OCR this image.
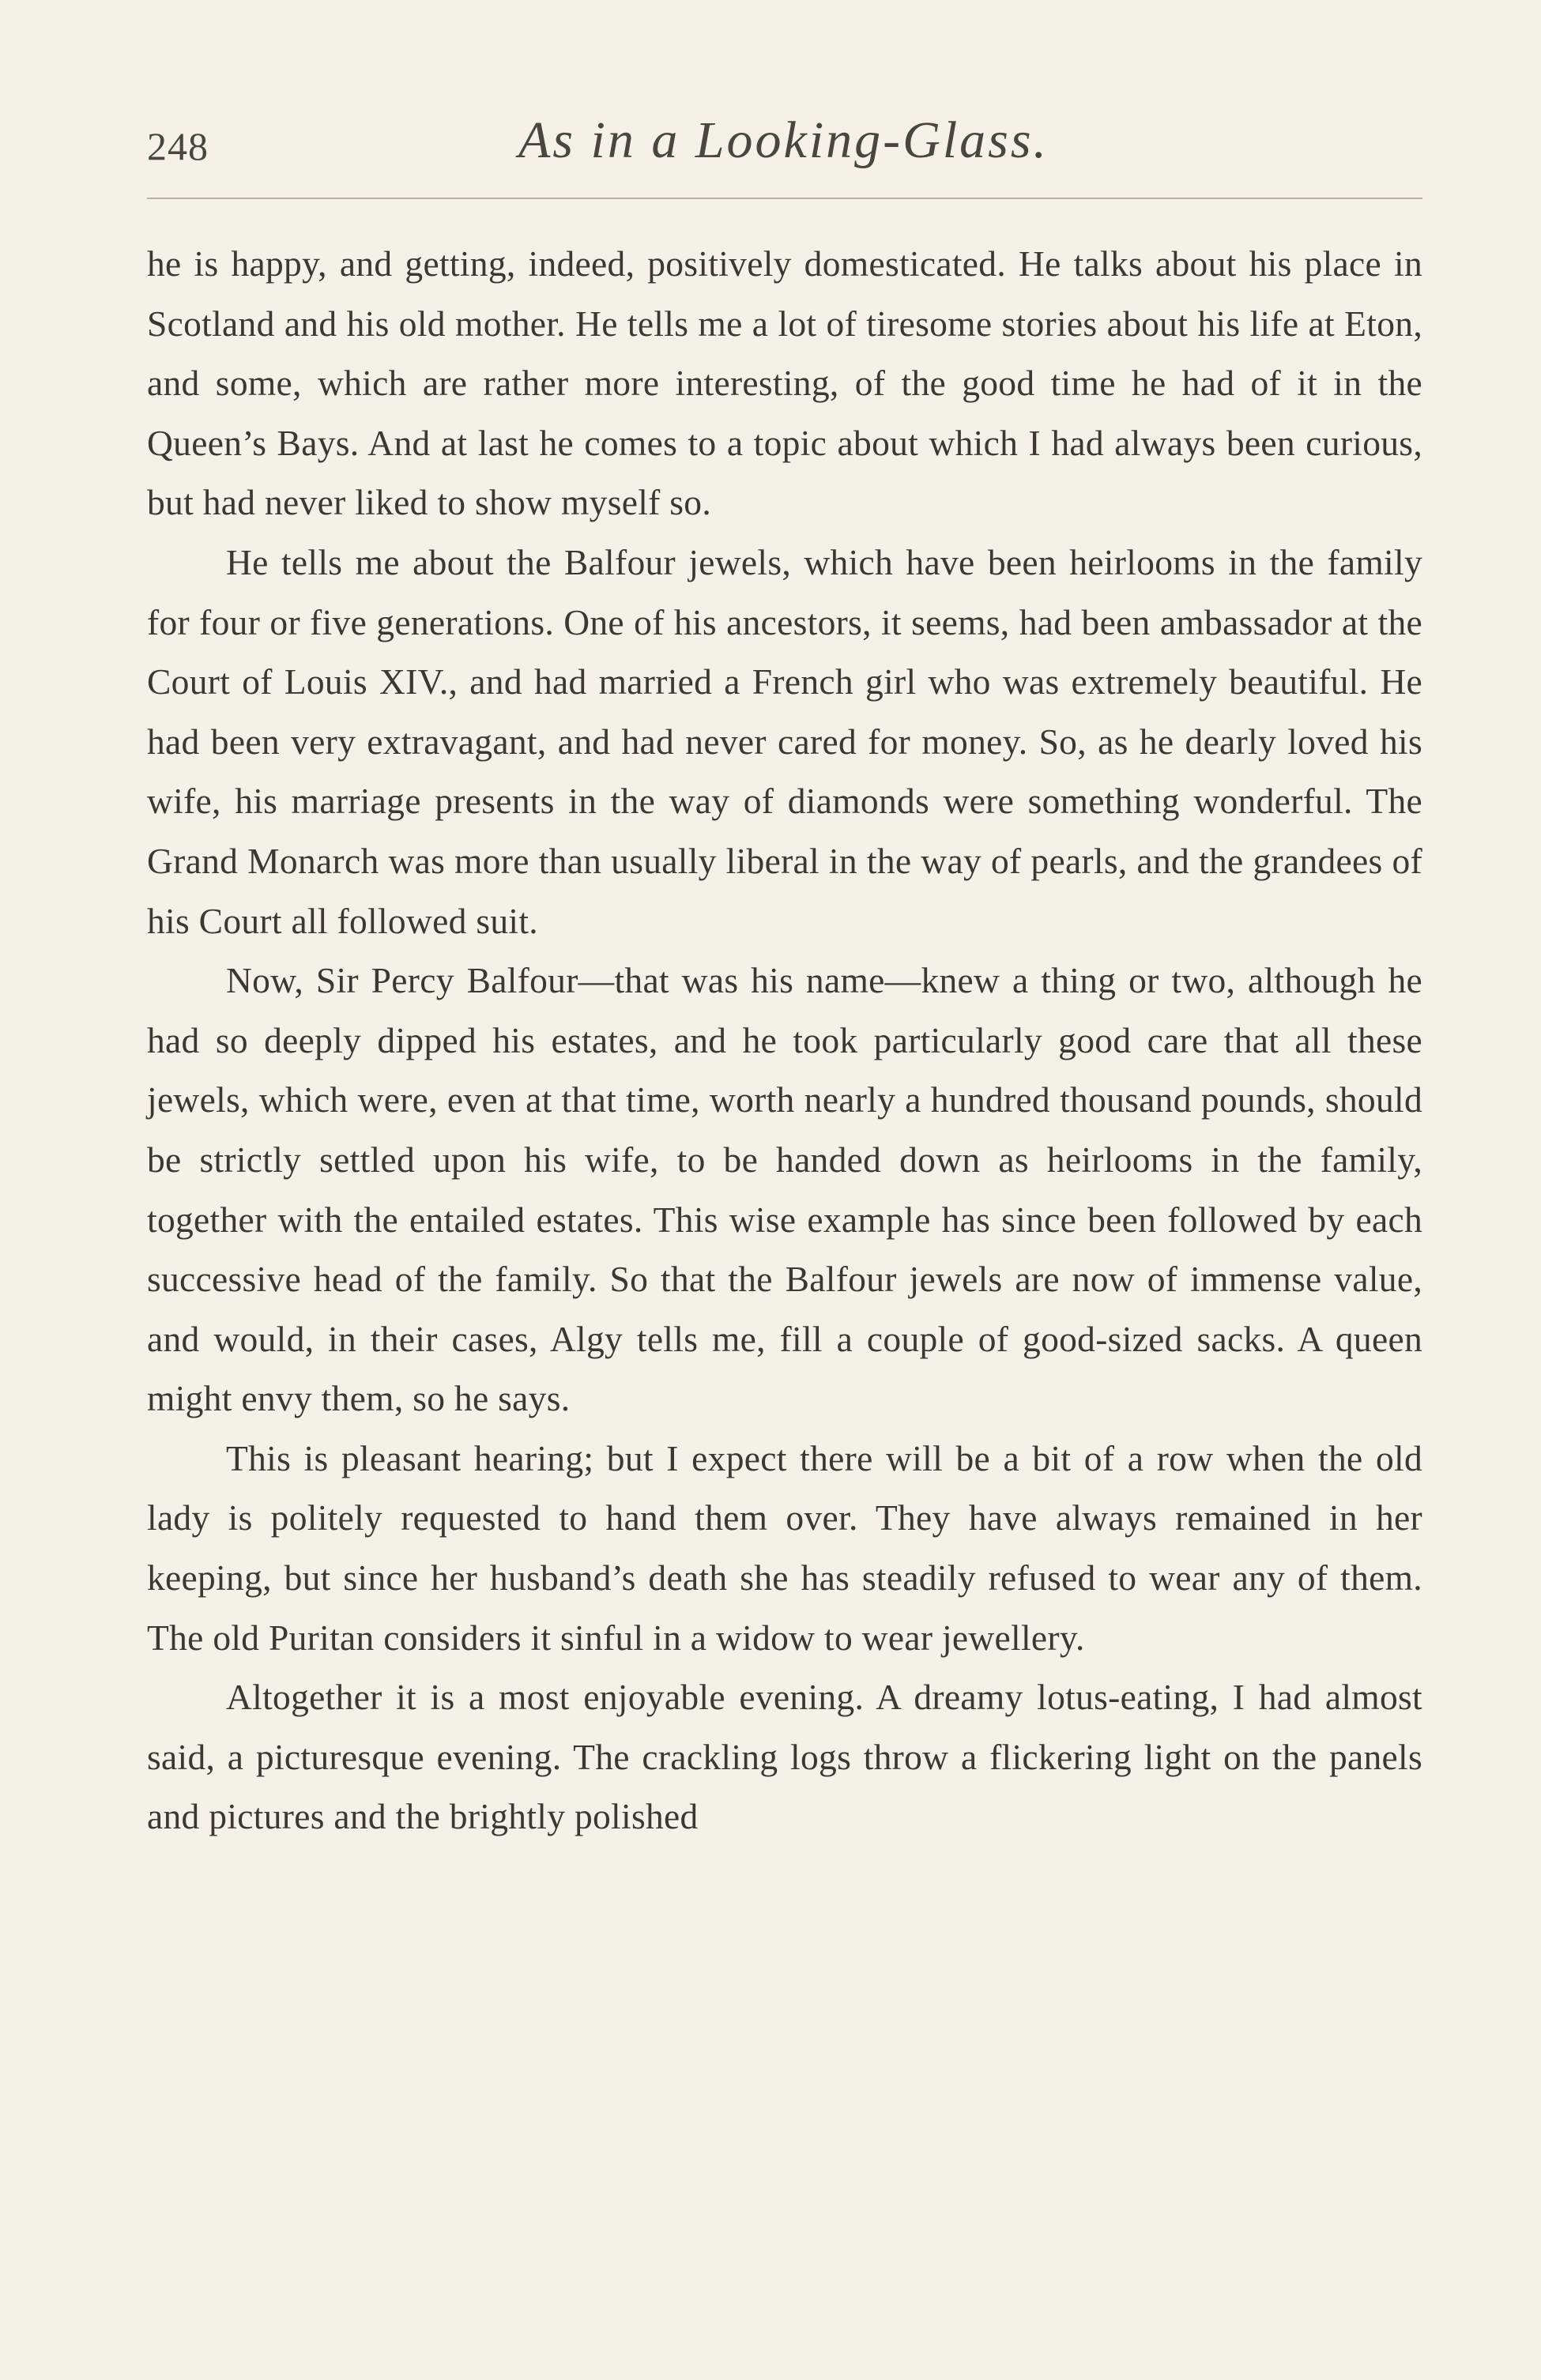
248	As in a Looking-Glass.

he is happy, and getting, indeed, positively domesticated. He talks about his place in Scotland and his old mother. He tells me a lot of tiresome stories about his life at Eton, and some, which are rather more interesting, of the good time he had of it in the Queen’s Bays. And at last he comes to a topic about which I had always been curious, but had never liked to show myself so.

He tells me about the Balfour jewels, which have been heirlooms in the family for four or five generations. One of his ancestors, it seems, had been ambassador at the Court of Louis XIV., and had married a French girl who was extremely beautiful. He had been very extravagant, and had never cared for money. So, as he dearly loved his wife, his marriage presents in the way of diamonds were something wonderful. The Grand Monarch was more than usually liberal in the way of pearls, and the grandees of his Court all followed suit.

Now, Sir Percy Balfour—that was his name—knew a thing or two, although he had so deeply dipped his estates, and he took particularly good care that all these jewels, which were, even at that time, worth nearly a hundred thousand pounds, should be strictly settled upon his wife, to be handed down as heirlooms in the family, together with the entailed estates. This wise example has since been followed by each successive head of the family. So that the Balfour jewels are now of immense value, and would, in their cases, Algy tells me, fill a couple of good-sized sacks. A queen might envy them, so he says.

This is pleasant hearing; but I expect there will be a bit of a row when the old lady is politely requested to hand them over. They have always remained in her keeping, but since her husband’s death she has steadily refused to wear any of them. The old Puritan considers it sinful in a widow to wear jewellery.

Altogether it is a most enjoyable evening. A dreamy lotus-eating, I had almost said, a picturesque evening. The crackling logs throw a flickering light on the panels and pictures and the brightly polished
